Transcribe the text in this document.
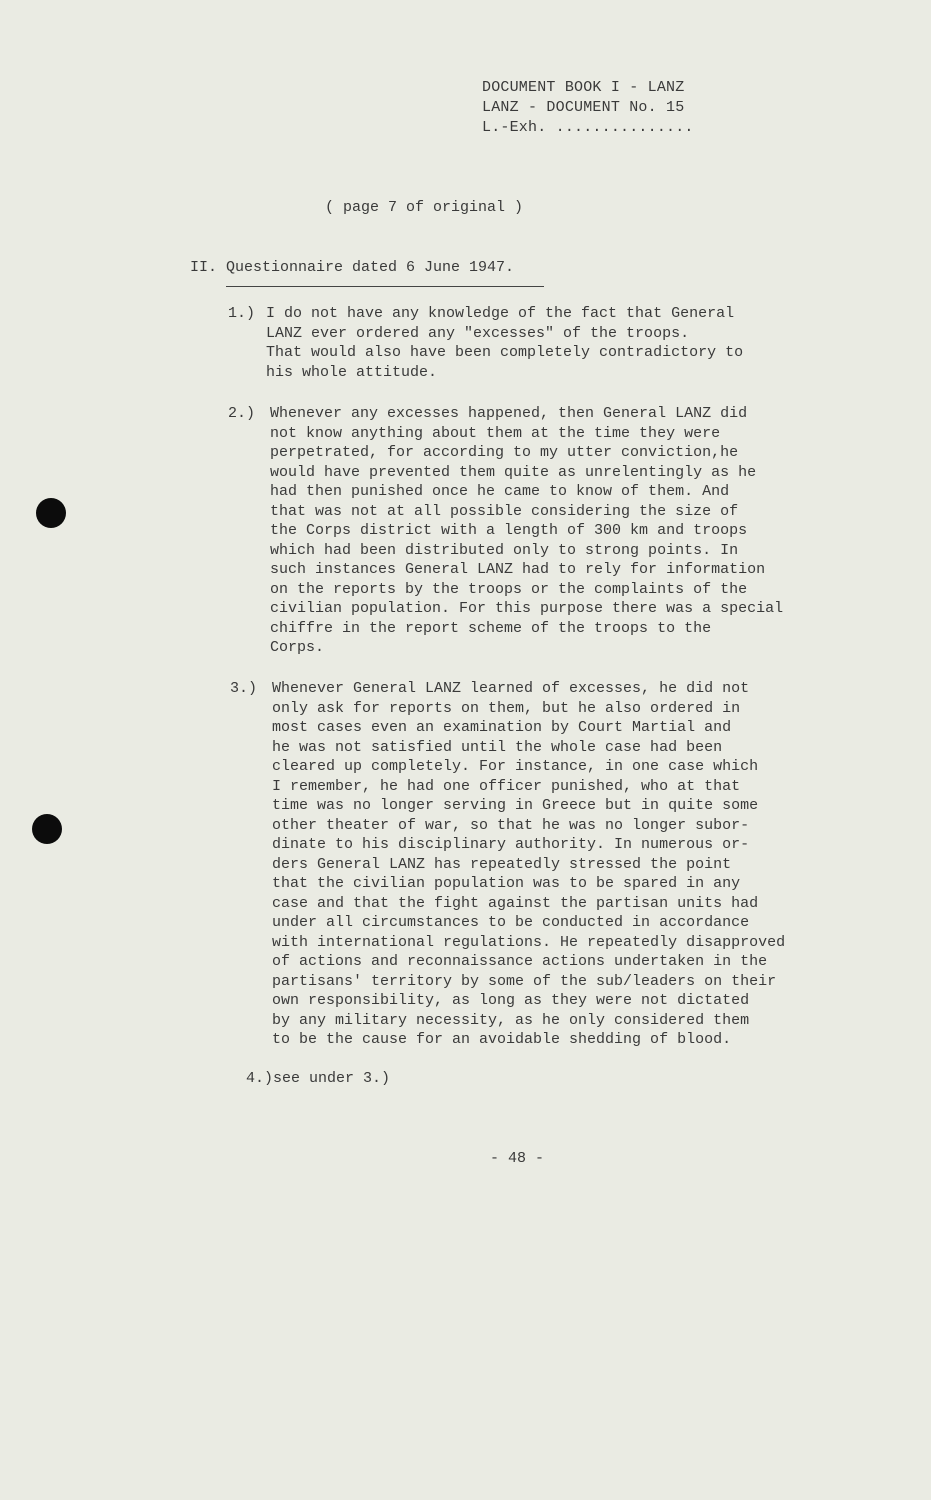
DOCUMENT BOOK I - LANZ
LANZ - DOCUMENT No. 15
L.-Exh. ...............
( page 7 of original )
II. Questionnaire dated 6 June 1947.
1.) I do not have any knowledge of the fact that General
LANZ ever ordered any "excesses" of the troops.
That would also have been completely contradictory to
his whole attitude.
2.) Whenever any excesses happened, then General LANZ did
not know anything about them at the time they were
perpetrated, for according to my utter conviction,he
would have prevented them quite as unrelentingly as he
had then punished once he came to know of them. And
that was not at all possible considering the size of
the Corps district with a length of 300 km and troops
which had been distributed only to strong points. In
such instances General LANZ had to rely for information
on the reports by the troops or the complaints of the
civilian population. For this purpose there was a special
chiffre in the report scheme of the troops to the
Corps.
3.) Whenever General LANZ learned of excesses, he did not
only ask for reports on them, but he also ordered in
most cases even an examination by Court Martial and
he was not satisfied until the whole case had been
cleared up completely. For instance, in one case which
I remember, he had one officer punished, who at that
time was no longer serving in Greece but in quite some
other theater of war, so that he was no longer subor-
dinate to his disciplinary authority. In numerous or-
ders General LANZ has repeatedly stressed the point
that the civilian population was to be spared in any
case and that the fight against the partisan units had
under all circumstances to be conducted in accordance
with international regulations. He repeatedly disapproved
of actions and reconnaissance actions undertaken in the
partisans' territory by some of the sub/leaders on their
own responsibility, as long as they were not dictated
by any military necessity, as he only considered them
to be the cause for an avoidable shedding of blood.
4.)see under 3.)
- 48 -
